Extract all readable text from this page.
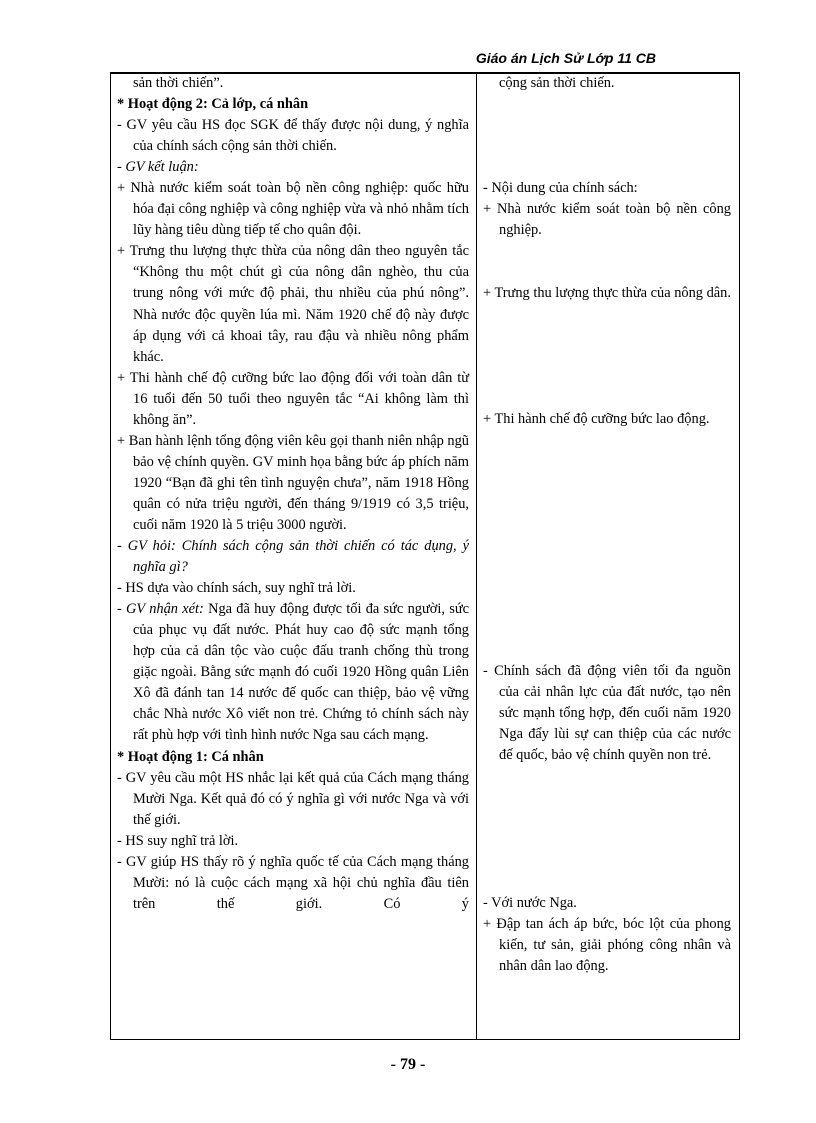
Giáo án Lịch Sử Lớp 11 CB
sản thời chiến”.
* Hoạt động 2: Cả lớp, cá nhân
- GV yêu cầu HS đọc SGK để thấy được nội dung, ý nghĩa của chính sách cộng sản thời chiến.
- GV kết luận:
+ Nhà nước kiểm soát toàn bộ nền công nghiệp: quốc hữu hóa đại công nghiệp và công nghiệp vừa và nhỏ nhằm tích lũy hàng tiêu dùng tiếp tế cho quân đội.
+ Trưng thu lượng thực thừa của nông dân theo nguyên tắc “Không thu một chút gì của nông dân nghèo, thu của trung nông với mức độ phải, thu nhiều của phú nông”. Nhà nước độc quyền lúa mì. Năm 1920 chế độ này được áp dụng với cả khoai tây, rau đậu và nhiều nông phẩm khác.
+ Thi hành chế độ cưỡng bức lao động đối với toàn dân từ 16 tuổi đến 50 tuổi theo nguyên tắc “Ai không làm thì không ăn”.
+ Ban hành lệnh tổng động viên kêu gọi thanh niên nhập ngũ bảo vệ chính quyền. GV minh họa bằng bức áp phích năm 1920 “Bạn đã ghi tên tình nguyện chưa”, năm 1918 Hồng quân có nửa triệu người, đến tháng 9/1919 có 3,5 triệu, cuối năm 1920 là 5 triệu 3000 người.
- GV hỏi: Chính sách cộng sản thời chiến có tác dụng, ý nghĩa gì?
- HS dựa vào chính sách, suy nghĩ trả lời.
- GV nhận xét: Nga đã huy động được tối đa sức người, sức của phục vụ đất nước. Phát huy cao độ sức mạnh tổng hợp của cả dân tộc vào cuộc đấu tranh chống thù trong giặc ngoài. Bằng sức mạnh đó cuối 1920 Hồng quân Liên Xô đã đánh tan 14 nước đế quốc can thiệp, bảo vệ vững chắc Nhà nước Xô viết non trẻ. Chứng tỏ chính sách này rất phù hợp với tình hình nước Nga sau cách mạng.
* Hoạt động 1: Cá nhân
- GV yêu cầu một HS nhắc lại kết quả của Cách mạng tháng Mười Nga. Kết quả đó có ý nghĩa gì với nước Nga và với thế giới.
- HS suy nghĩ trả lời.
- GV giúp HS thấy rõ ý nghĩa quốc tế của Cách mạng tháng Mười: nó là cuộc cách mạng xã hội chủ nghĩa đầu tiên trên thế giới. Có ý
cộng sản thời chiến.
- Nội dung của chính sách:
+ Nhà nước kiểm soát toàn bộ nền công nghiệp.
+ Trưng thu lượng thực thừa của nông dân.
+ Thi hành chế độ cưỡng bức lao động.
- Chính sách đã động viên tối đa nguồn của cải nhân lực của đất nước, tạo nên sức mạnh tổng hợp, đến cuối năm 1920 Nga đẩy lùi sự can thiệp của các nước đế quốc, bảo vệ chính quyền non trẻ.
- Với nước Nga.
+ Đập tan ách áp bức, bóc lột của phong kiến, tư sản, giải phóng công nhân và nhân dân lao động.
- 79 -
